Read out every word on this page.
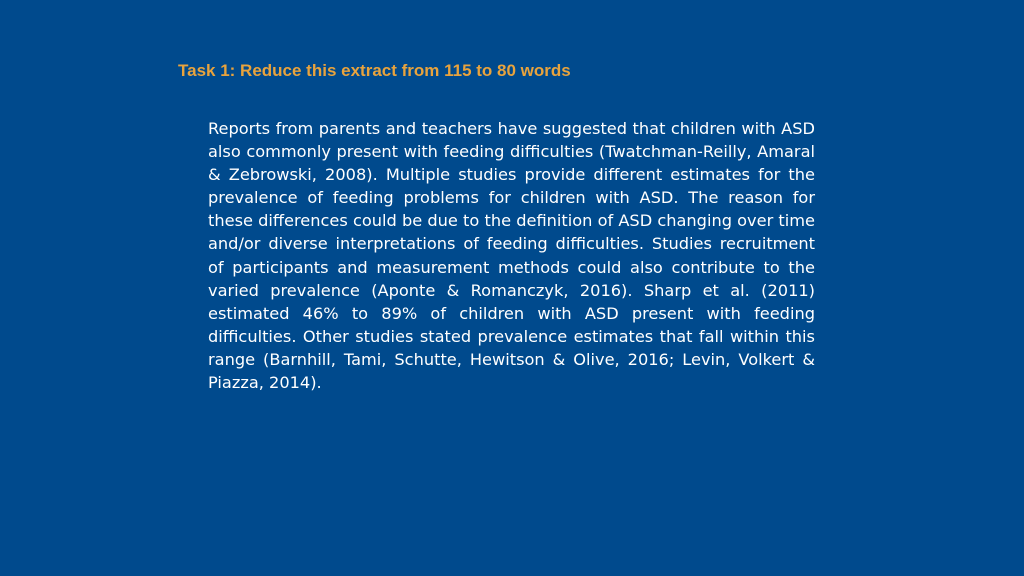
Task 1: Reduce this extract from 115 to 80 words

Reports from parents and teachers have suggested that children with ASD also commonly present with feeding difficulties (Twatchman-Reilly, Amaral & Zebrowski, 2008). Multiple studies provide different estimates for the prevalence of feeding problems for children with ASD. The reason for these differences could be due to the definition of ASD changing over time and/or diverse interpretations of feeding difficulties. Studies recruitment of participants and measurement methods could also contribute to the varied prevalence (Aponte & Romanczyk, 2016). Sharp et al. (2011) estimated 46% to 89% of children with ASD present with feeding difficulties. Other studies stated prevalence estimates that fall within this range (Barnhill, Tami, Schutte, Hewitson & Olive, 2016; Levin, Volkert & Piazza, 2014).
